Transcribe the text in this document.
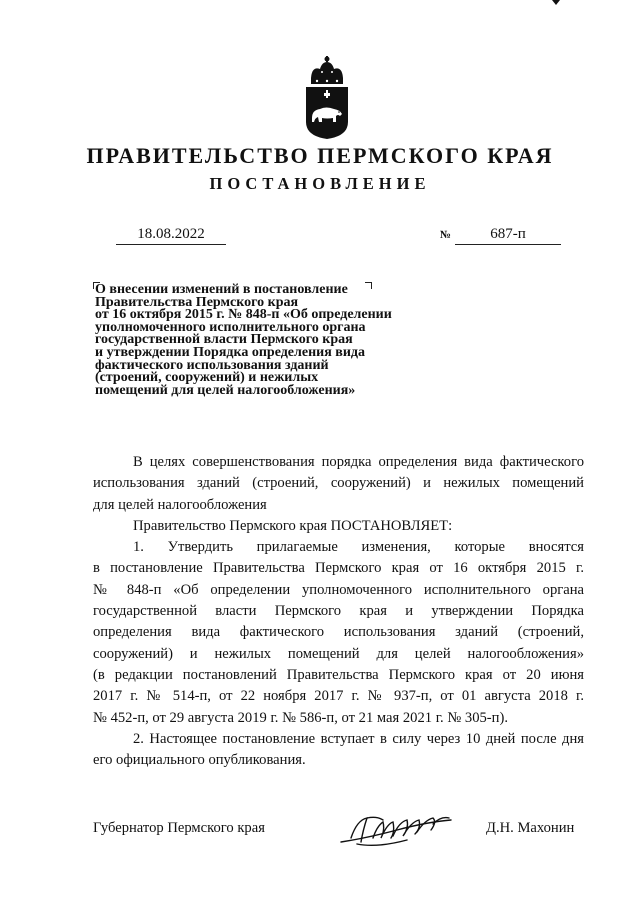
ПРАВИТЕЛЬСТВО ПЕРМСКОГО КРАЯ
ПОСТАНОВЛЕНИЕ
18.08.2022	№	687-п
О внесении изменений в постановление
Правительства Пермского края
от 16 октября 2015 г. № 848-п «Об определении
уполномоченного исполнительного органа
государственной власти Пермского края
и утверждении Порядка определения вида
фактического использования зданий
(строений, сооружений) и нежилых
помещений для целей налогообложения»
В целях совершенствования порядка определения вида фактического
использования зданий (строений, сооружений) и нежилых помещений
для целей налогообложения
Правительство Пермского края ПОСТАНОВЛЯЕТ:
1. Утвердить прилагаемые изменения, которые вносятся
в постановление Правительства Пермского края от 16 октября 2015 г.
№ 848-п «Об определении уполномоченного исполнительного органа
государственной власти Пермского края и утверждении Порядка
определения вида фактического использования зданий (строений,
сооружений) и нежилых помещений для целей налогообложения»
(в редакции постановлений Правительства Пермского края от 20 июня
2017 г. № 514-п, от 22 ноября 2017 г. № 937-п, от 01 августа 2018 г.
№ 452-п, от 29 августа 2019 г. № 586-п, от 21 мая 2021 г. № 305-п).
2. Настоящее постановление вступает в силу через 10 дней после дня
его официального опубликования.
Губернатор Пермского края	Д.Н. Махонин
